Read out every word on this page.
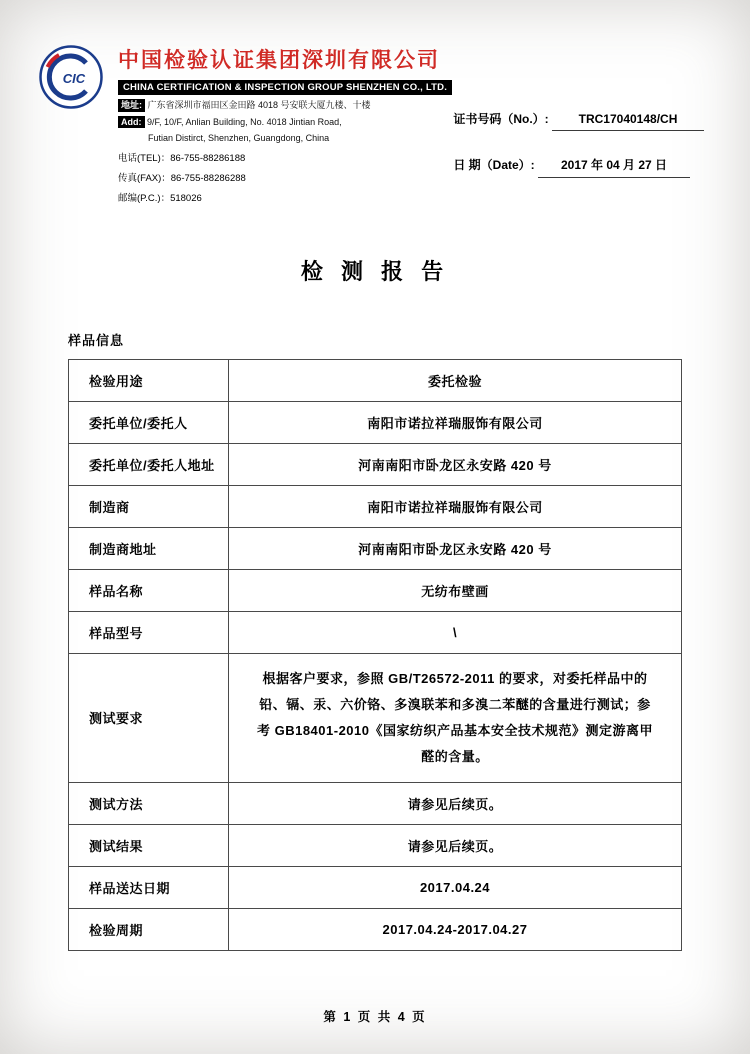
CIC
中国检验认证集团深圳有限公司
CHINA CERTIFICATION & INSPECTION GROUP SHENZHEN CO., LTD.
地址: 广东省深圳市福田区金田路 4018 号安联大厦九楼、十楼
Add: 9/F, 10/F, Anlian Building, No. 4018 Jintian Road,
Futian Distirct, Shenzhen, Guangdong, China
电话(TEL)：86-755-88286188
传真(FAX)：86-755-88286288
邮编(P.C.)：518026
证书号码（No.）: TRC17040148/CH
日 期（Date）: 2017 年 04 月 27 日
检 测 报 告
样品信息
检验用途	委托检验
委托单位/委托人	南阳市诺拉祥瑞服饰有限公司
委托单位/委托人地址	河南南阳市卧龙区永安路 420 号
制造商	南阳市诺拉祥瑞服饰有限公司
制造商地址	河南南阳市卧龙区永安路 420 号
样品名称	无纺布壁画
样品型号	\
测试要求	根据客户要求，参照 GB/T26572-2011 的要求，对委托样品中的铅、镉、汞、六价铬、多溴联苯和多溴二苯醚的含量进行测试；参考 GB18401-2010《国家纺织产品基本安全技术规范》测定游离甲醛的含量。
测试方法	请参见后续页。
测试结果	请参见后续页。
样品送达日期	2017.04.24
检验周期	2017.04.24-2017.04.27
第 1 页 共 4 页
